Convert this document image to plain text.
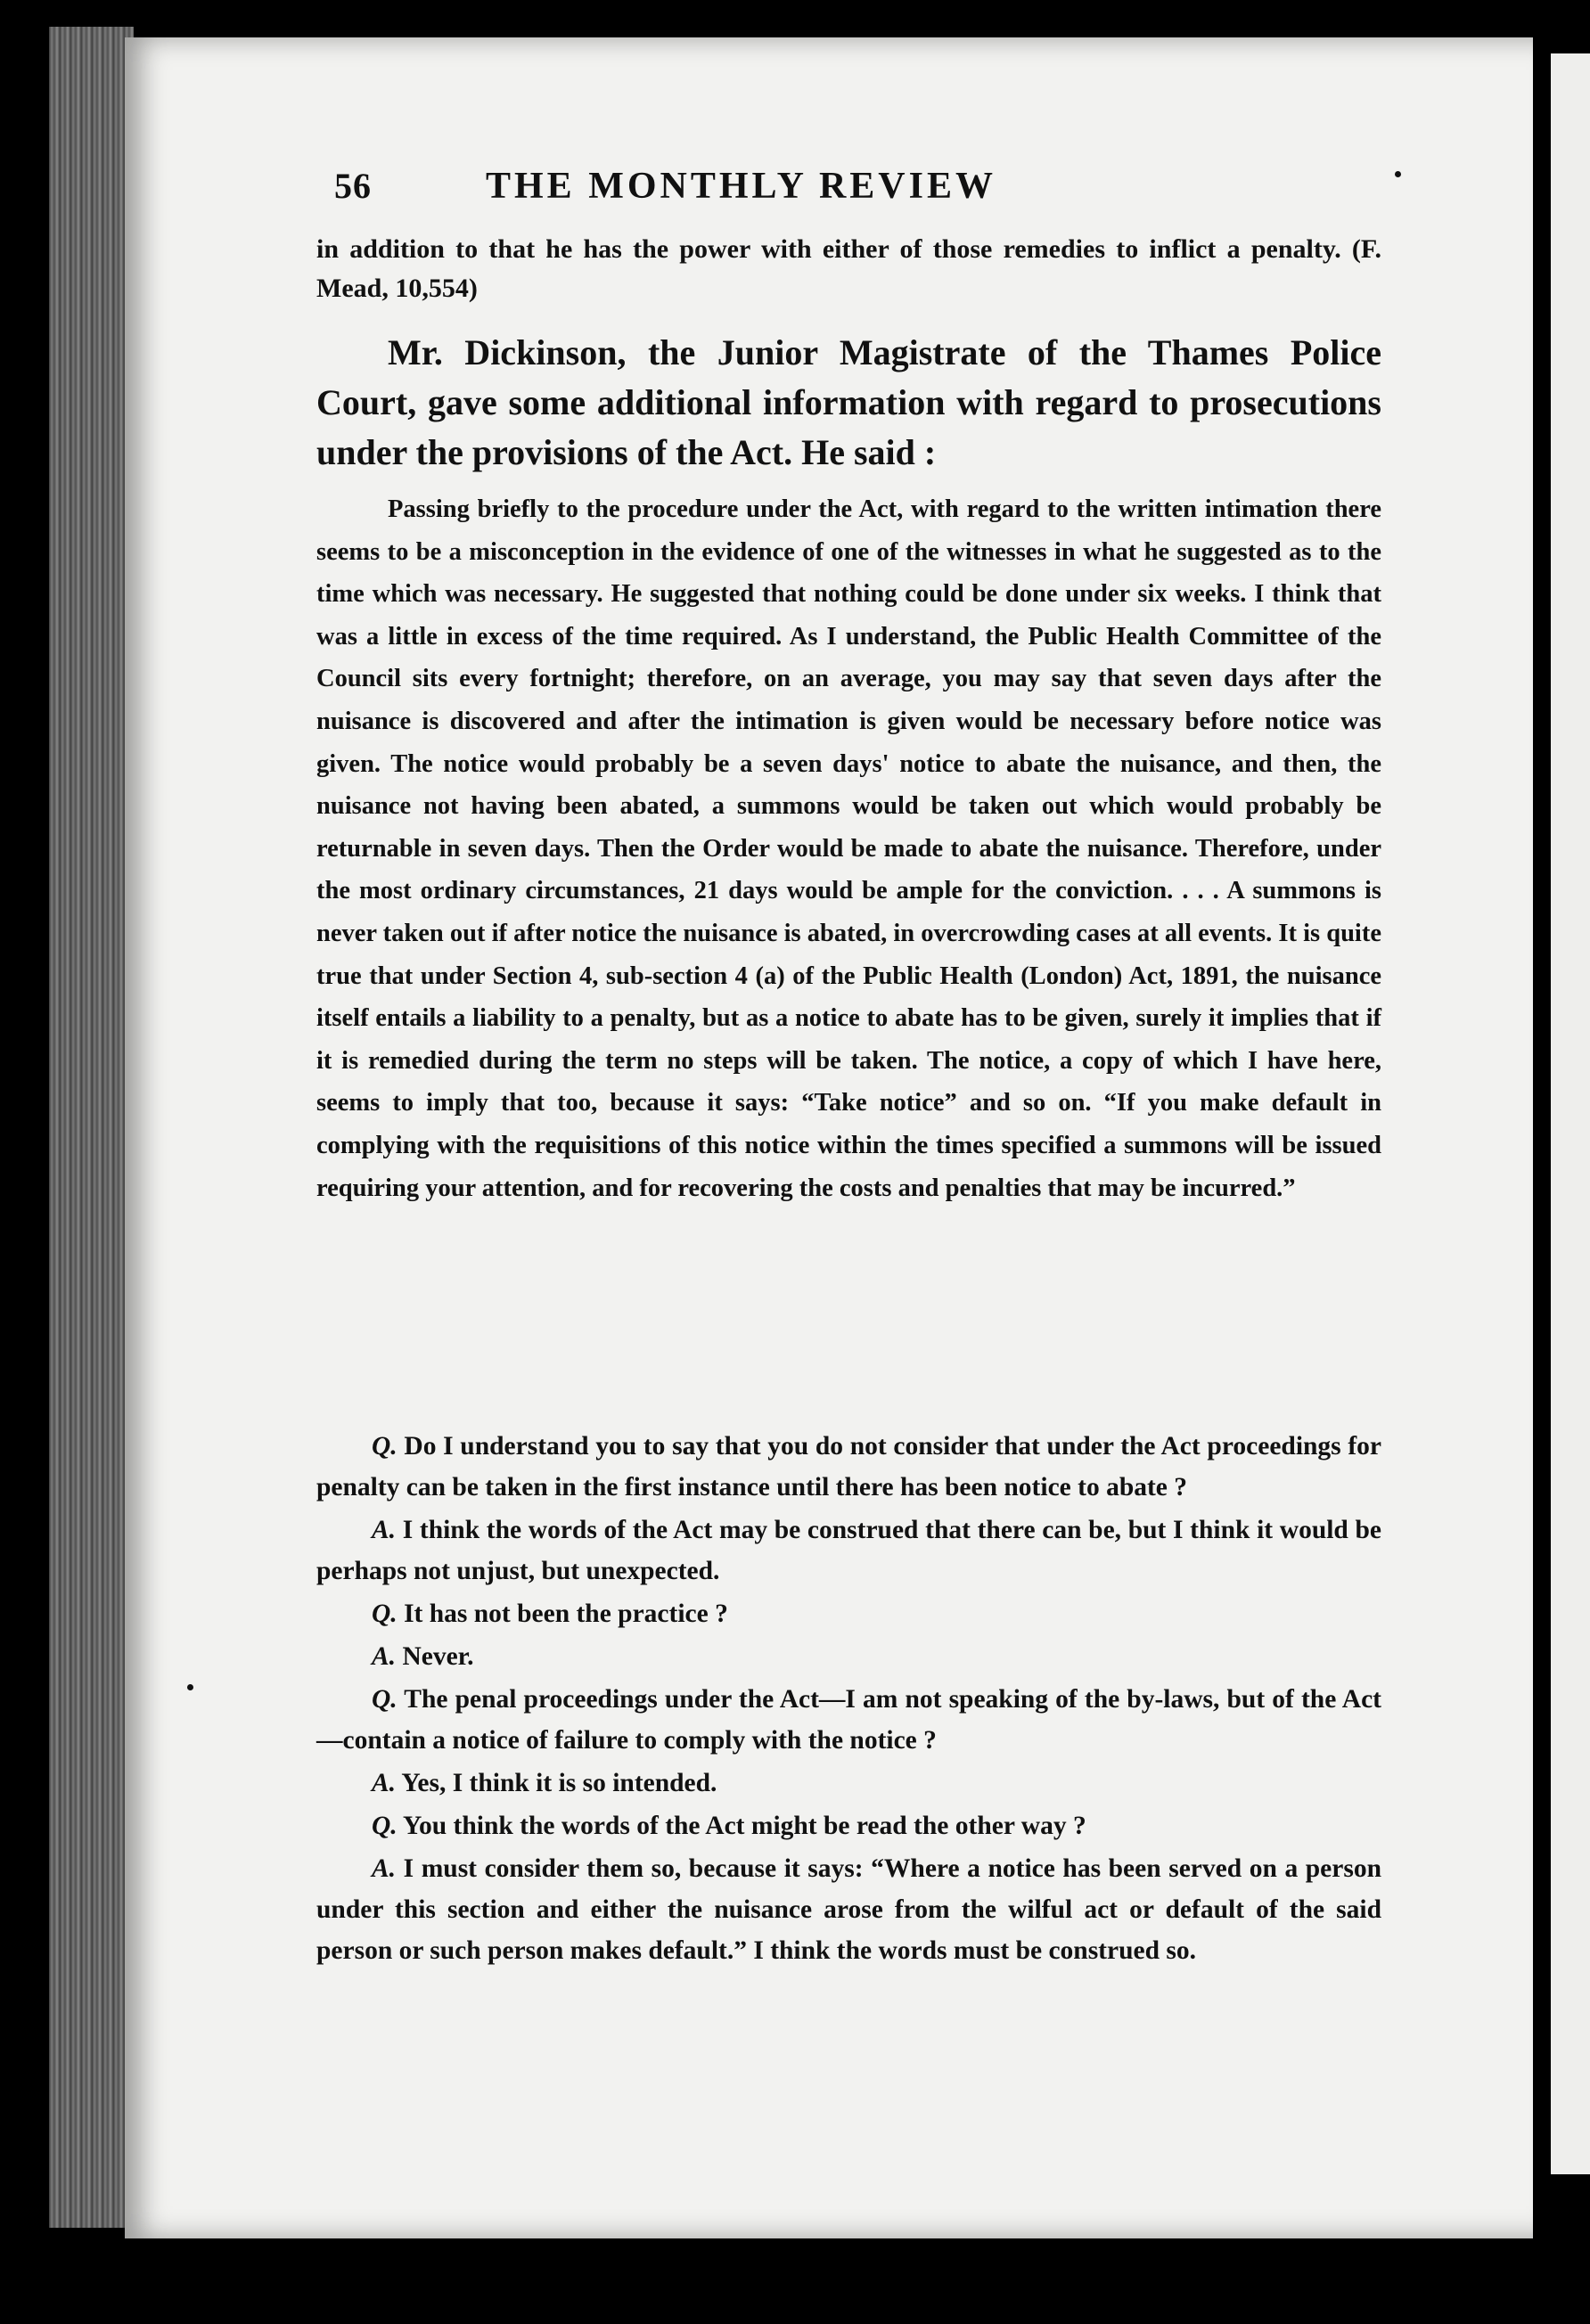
56	THE MONTHLY REVIEW
in addition to that he has the power with either of those remedies to inflict a penalty. (F. Mead, 10,554)
Mr. Dickinson, the Junior Magistrate of the Thames Police Court, gave some additional information with regard to prosecutions under the provisions of the Act. He said :
Passing briefly to the procedure under the Act, with regard to the written intimation there seems to be a misconception in the evidence of one of the witnesses in what he suggested as to the time which was necessary. He suggested that nothing could be done under six weeks. I think that was a little in excess of the time required. As I understand, the Public Health Committee of the Council sits every fortnight; therefore, on an average, you may say that seven days after the nuisance is discovered and after the intimation is given would be necessary before notice was given. The notice would probably be a seven days' notice to abate the nuisance, and then, the nuisance not having been abated, a summons would be taken out which would probably be returnable in seven days. Then the Order would be made to abate the nuisance. Therefore, under the most ordinary circumstances, 21 days would be ample for the conviction. . . . A summons is never taken out if after notice the nuisance is abated, in overcrowding cases at all events. It is quite true that under Section 4, sub-section 4 (a) of the Public Health (London) Act, 1891, the nuisance itself entails a liability to a penalty, but as a notice to abate has to be given, surely it implies that if it is remedied during the term no steps will be taken. The notice, a copy of which I have here, seems to imply that too, because it says: “Take notice” and so on. “If you make default in complying with the requisitions of this notice within the times specified a summons will be issued requiring your attention, and for recovering the costs and penalties that may be incurred.”
Q. Do I understand you to say that you do not consider that under the Act proceedings for penalty can be taken in the first instance until there has been notice to abate ?
A. I think the words of the Act may be construed that there can be, but I think it would be perhaps not unjust, but unexpected.
Q. It has not been the practice ?
A. Never.
Q. The penal proceedings under the Act—I am not speaking of the by-laws, but of the Act—contain a notice of failure to comply with the notice ?
A. Yes, I think it is so intended.
Q. You think the words of the Act might be read the other way ?
A. I must consider them so, because it says: “Where a notice has been served on a person under this section and either the nuisance arose from the wilful act or default of the said person or such person makes default.” I think the words must be construed so.
